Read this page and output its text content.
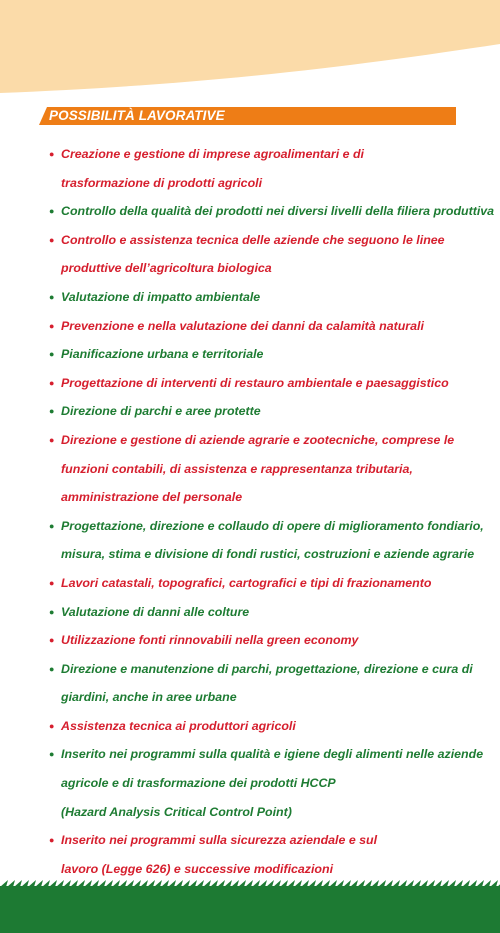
POSSIBILITÀ LAVORATIVE
● Creazione e gestione di imprese agroalimentari e di
trasformazione di prodotti agricoli
● Controllo della qualità dei prodotti nei diversi livelli della filiera produttiva
● Controllo e assistenza tecnica delle aziende che seguono le linee
produttive dell’agricoltura biologica
● Valutazione di impatto ambientale
● Prevenzione e nella valutazione dei danni da calamità naturali
● Pianificazione urbana e territoriale
● Progettazione di interventi di restauro ambientale e paesaggistico
● Direzione di parchi e aree protette
● Direzione e gestione di aziende agrarie e zootecniche, comprese le
funzioni contabili, di assistenza e rappresentanza tributaria,
amministrazione del personale
● Progettazione, direzione e collaudo di opere di miglioramento fondiario,
misura, stima e divisione di fondi rustici, costruzioni e aziende agrarie
● Lavori catastali, topografici, cartografici e tipi di frazionamento
● Valutazione di danni alle colture
● Utilizzazione fonti rinnovabili nella green economy
● Direzione e manutenzione di parchi, progettazione, direzione e cura di
giardini, anche in aree urbane
● Assistenza tecnica ai produttori agricoli
● Inserito nei programmi sulla qualità e igiene degli alimenti nelle aziende
agricole e di trasformazione dei prodotti HCCP
(Hazard Analysis Critical Control Point)
● Inserito nei programmi sulla sicurezza aziendale e sul
lavoro (Legge 626) e successive modificazioni
